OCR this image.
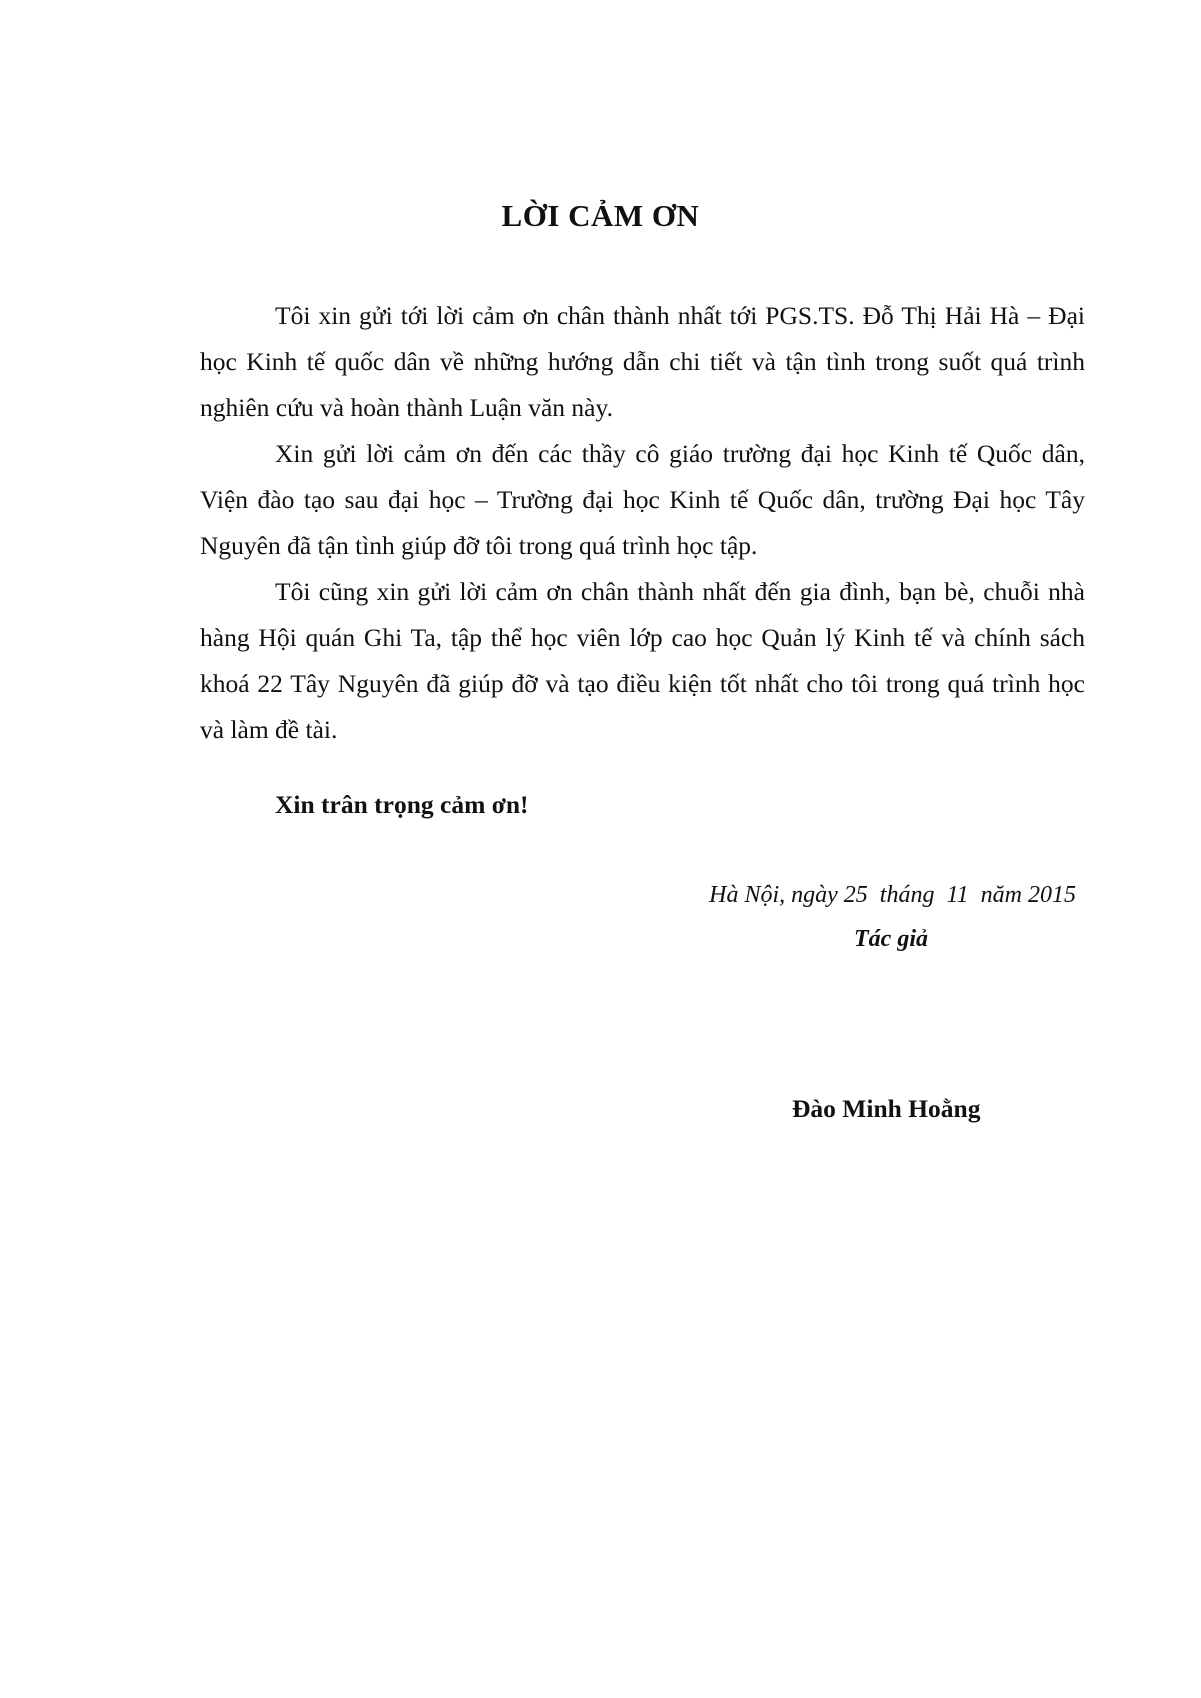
LỜI CẢM ƠN

Tôi xin gửi tới lời cảm ơn chân thành nhất tới PGS.TS. Đỗ Thị Hải Hà – Đại học Kinh tế quốc dân về những hướng dẫn chi tiết và tận tình trong suốt quá trình nghiên cứu và hoàn thành Luận văn này.

Xin gửi lời cảm ơn đến các thầy cô giáo trường đại học Kinh tế Quốc dân, Viện đào tạo sau đại học – Trường đại học Kinh tế Quốc dân, trường Đại học Tây Nguyên đã tận tình giúp đỡ tôi trong quá trình học tập.

Tôi cũng xin gửi lời cảm ơn chân thành nhất đến gia đình, bạn bè, chuỗi nhà hàng Hội quán Ghi Ta, tập thể học viên lớp cao học Quản lý Kinh tế và chính sách khoá 22 Tây Nguyên đã giúp đỡ và tạo điều kiện tốt nhất cho tôi trong quá trình học và làm đề tài.

Xin trân trọng cảm ơn!

Hà Nội, ngày 25  tháng  11  năm 2015

Tác giả

Đào Minh Hoằng
